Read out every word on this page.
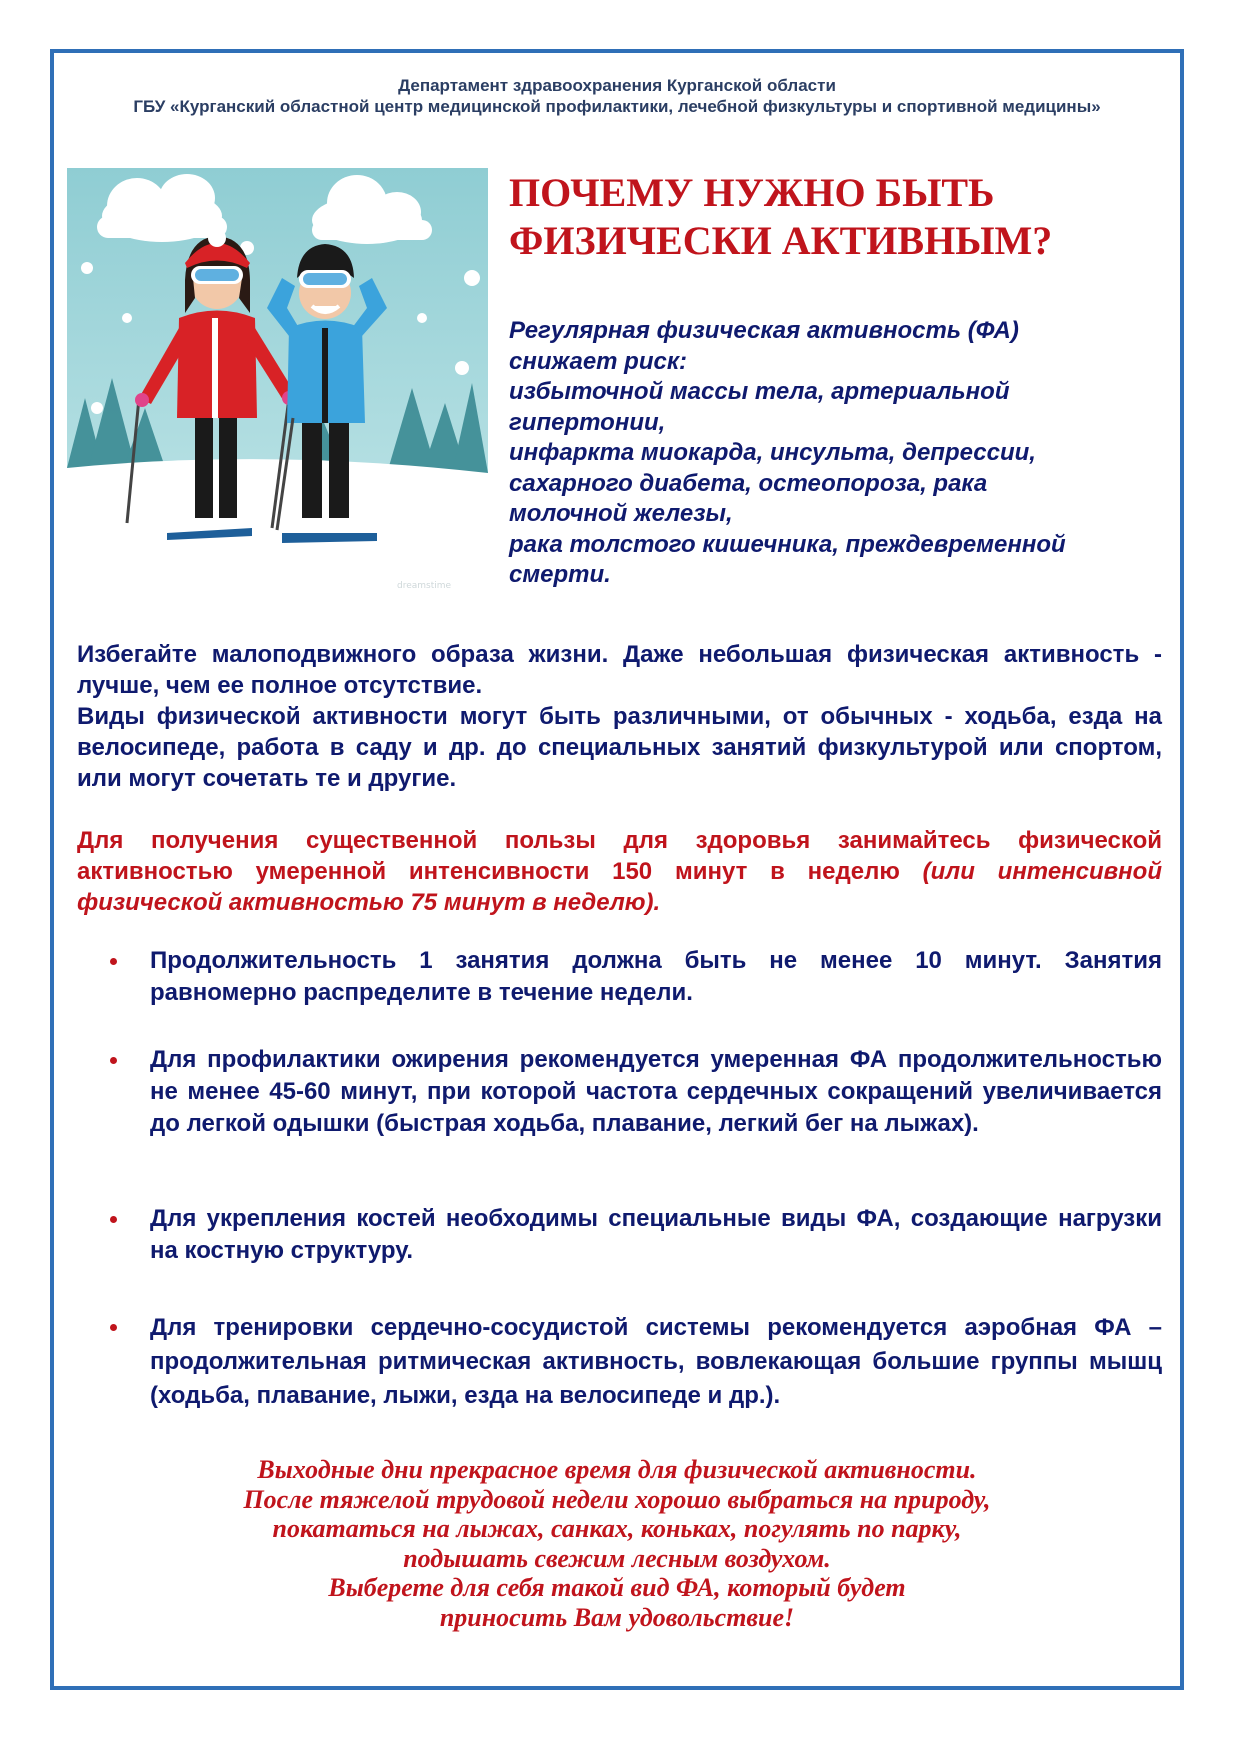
Департамент здравоохранения Курганской области
ГБУ «Курганский областной центр медицинской профилактики, лечебной физкультуры и спортивной медицины»
dreamstime
ПОЧЕМУ НУЖНО БЫТЬ
ФИЗИЧЕСКИ АКТИВНЫМ?
Регулярная физическая активность (ФА)
снижает риск:
избыточной массы тела, артериальной
гипертонии,
инфаркта миокарда, инсульта, депрессии,
сахарного диабета, остеопороза, рака
молочной железы,
рака толстого кишечника, преждевременной
смерти.
Избегайте малоподвижного образа жизни. Даже небольшая физическая активность - лучше, чем ее полное отсутствие.
Виды физической активности могут быть различными, от обычных - ходьба, езда на велосипеде, работа в саду и др. до специальных занятий физкультурой или спортом, или могут сочетать те и другие.
Для получения существенной пользы для здоровья занимайтесь физической активностью умеренной интенсивности 150 минут в неделю (или интенсивной физической активностью 75 минут в неделю).
Продолжительность 1 занятия должна быть не менее 10 минут. Занятия равномерно распределите в течение недели.
Для профилактики ожирения рекомендуется умеренная ФА продолжительностью не менее 45-60 минут, при которой частота сердечных сокращений увеличивается до легкой одышки (быстрая ходьба, плавание, легкий бег на лыжах).
Для укрепления костей необходимы специальные виды ФА, создающие нагрузки на костную структуру.
Для тренировки сердечно-сосудистой системы рекомендуется аэробная ФА – продолжительная ритмическая активность, вовлекающая большие группы мышц (ходьба, плавание, лыжи, езда на велосипеде и др.).
Выходные дни прекрасное время для физической активности.
После тяжелой трудовой недели хорошо выбраться на природу,
покататься на лыжах, санках, коньках, погулять по парку,
подышать свежим лесным воздухом.
Выберете для себя такой вид ФА, который будет
приносить Вам удовольствие!
